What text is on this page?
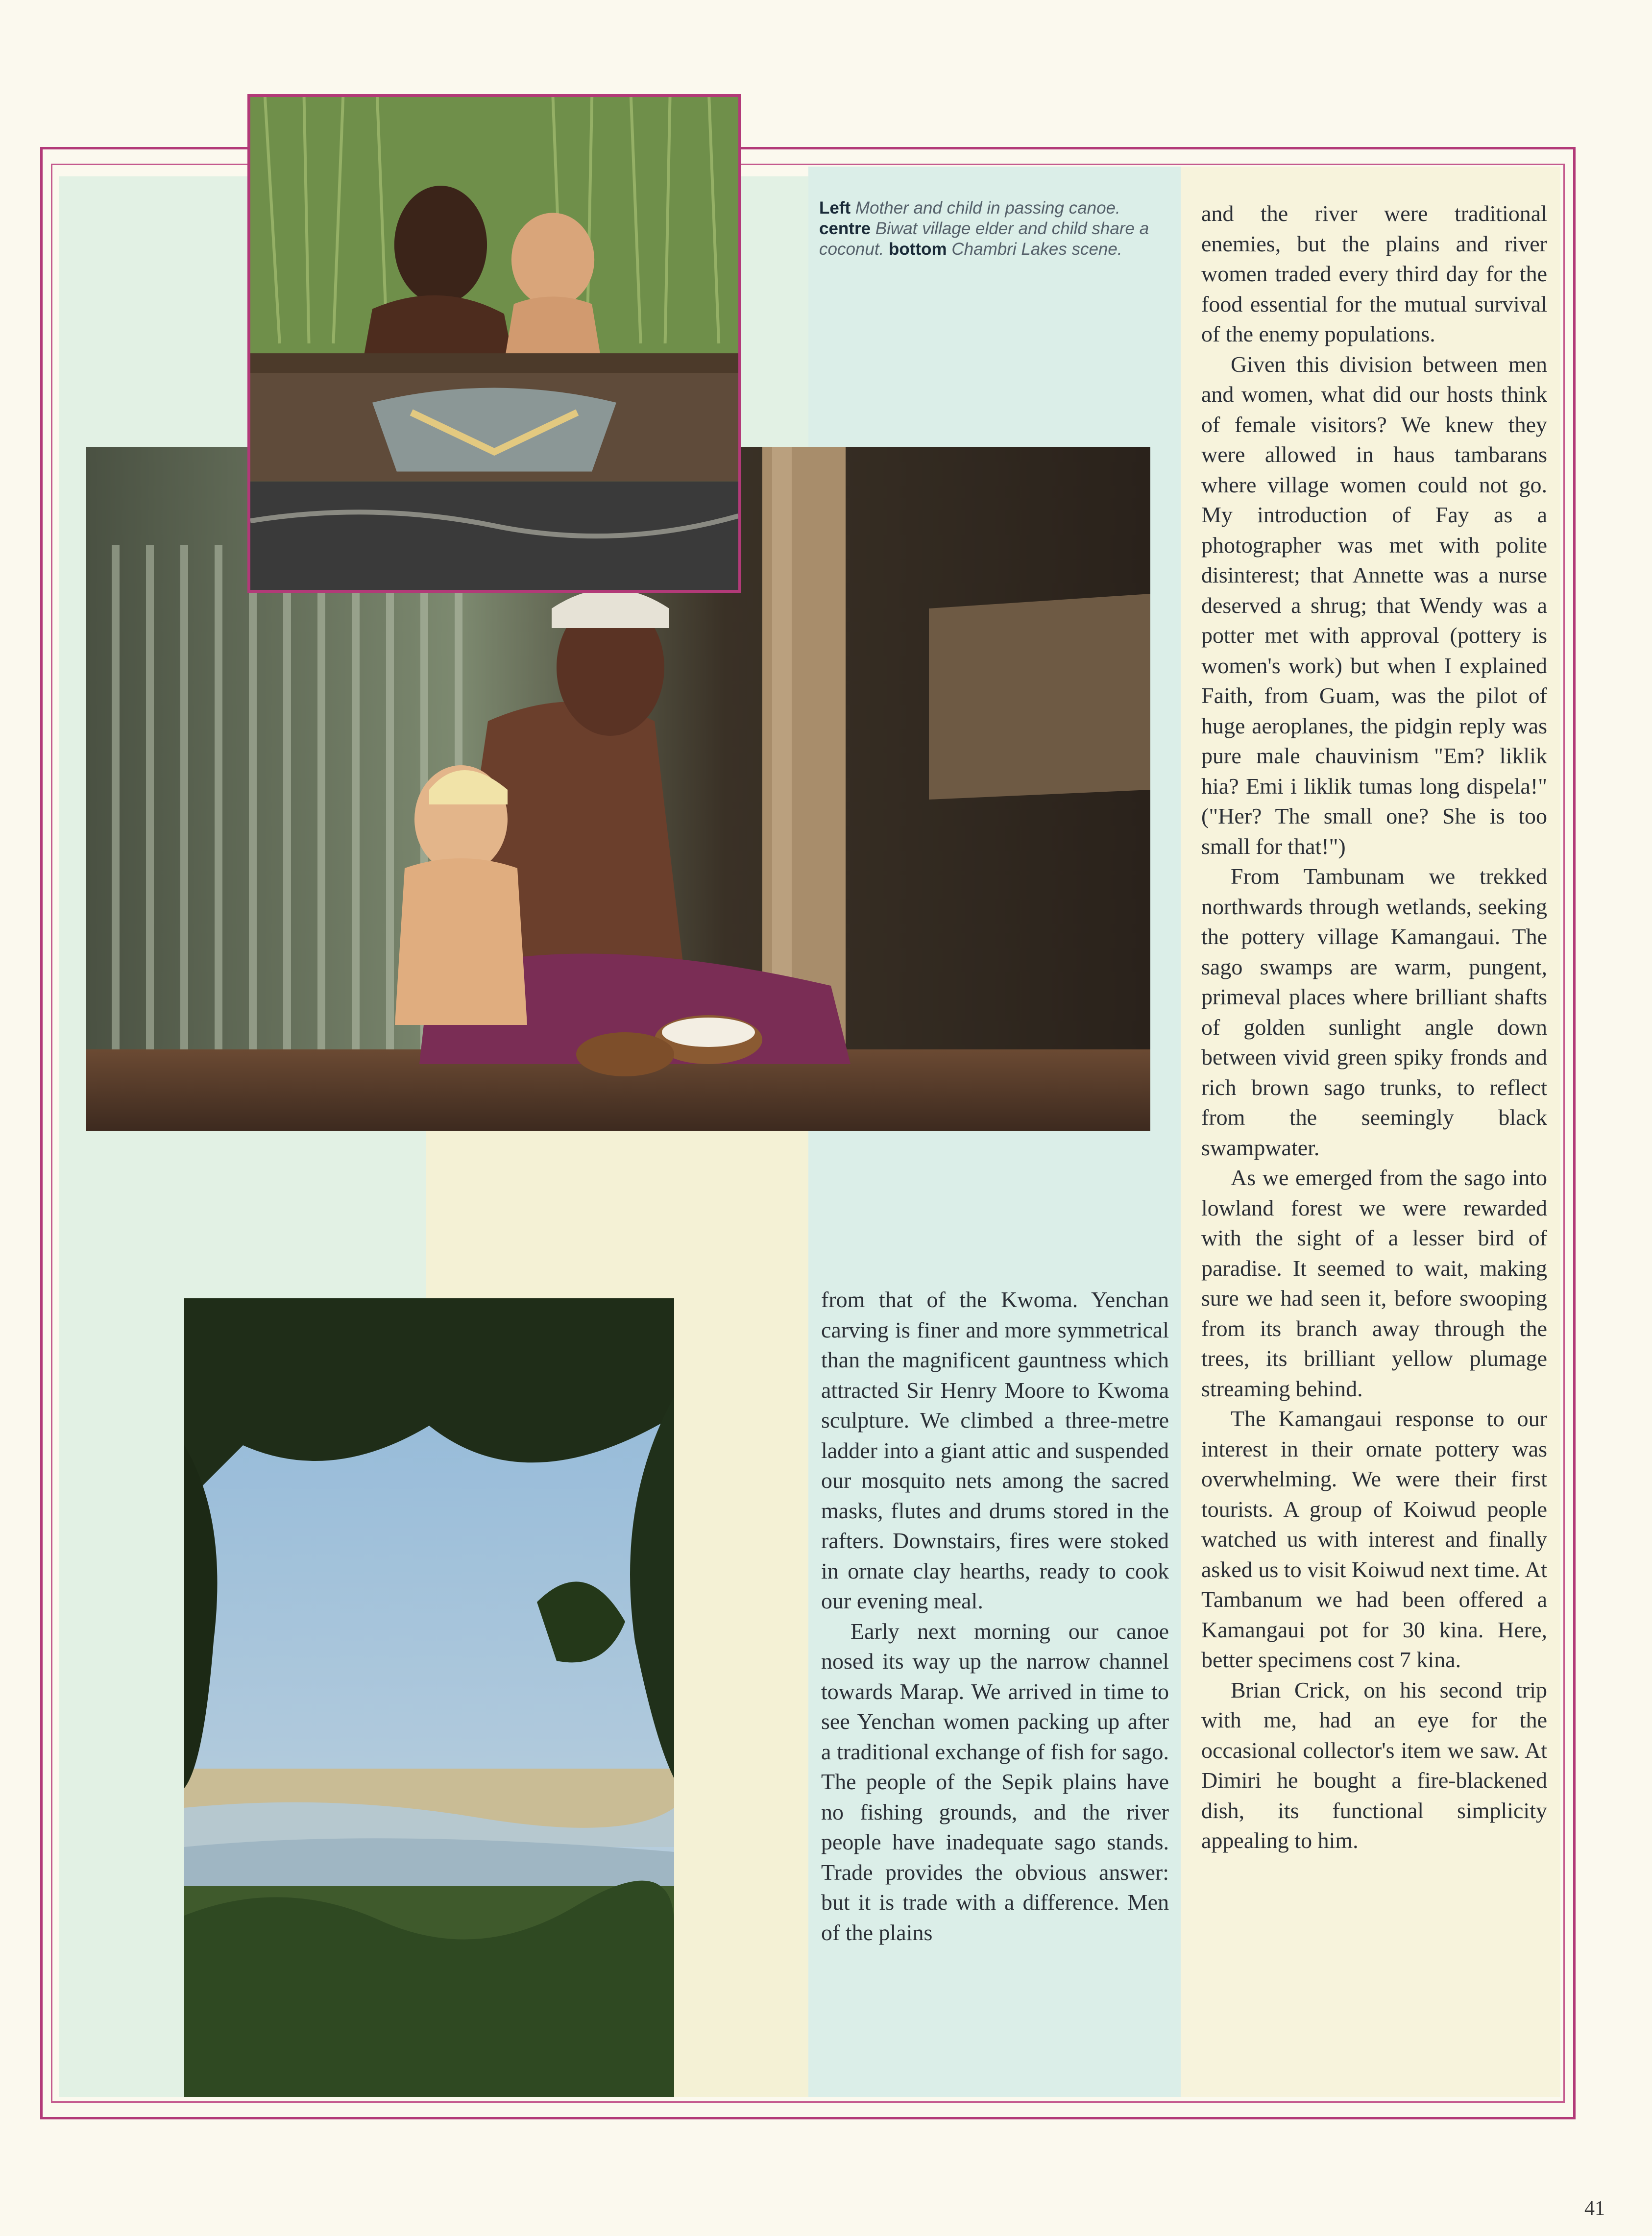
Left Mother and child in passing canoe. centre Biwat village elder and child share a coconut. bottom Chambri Lakes scene.

from that of the Kwoma. Yenchan carving is finer and more symmetrical than the magnificent gauntness which attracted Sir Henry Moore to Kwoma sculpture. We climbed a three-metre ladder into a giant attic and suspended our mosquito nets among the sacred masks, flutes and drums stored in the rafters. Downstairs, fires were stoked in ornate clay hearths, ready to cook our evening meal.

Early next morning our canoe nosed its way up the narrow channel towards Marap. We arrived in time to see Yenchan women packing up after a traditional exchange of fish for sago. The people of the Sepik plains have no fishing grounds, and the river people have inadequate sago stands. Trade provides the obvious answer: but it is trade with a difference. Men of the plains

and the river were traditional enemies, but the plains and river women traded every third day for the food essential for the mutual survival of the enemy populations.

Given this division between men and women, what did our hosts think of female visitors? We knew they were allowed in haus tambarans where village women could not go. My introduction of Fay as a photographer was met with polite disinterest; that Annette was a nurse deserved a shrug; that Wendy was a potter met with approval (pottery is women's work) but when I explained Faith, from Guam, was the pilot of huge aeroplanes, the pidgin reply was pure male chauvinism "Em? liklik hia? Emi i liklik tumas long dispela!" ("Her? The small one? She is too small for that!")

From Tambunam we trekked northwards through wetlands, seeking the pottery village Kamangaui. The sago swamps are warm, pungent, primeval places where brilliant shafts of golden sunlight angle down between vivid green spiky fronds and rich brown sago trunks, to reflect from the seemingly black swampwater.

As we emerged from the sago into lowland forest we were rewarded with the sight of a lesser bird of paradise. It seemed to wait, making sure we had seen it, before swooping from its branch away through the trees, its brilliant yellow plumage streaming behind.

The Kamangaui response to our interest in their ornate pottery was overwhelming. We were their first tourists. A group of Koiwud people watched us with interest and finally asked us to visit Koiwud next time. At Tambanum we had been offered a Kamangaui pot for 30 kina. Here, better specimens cost 7 kina.

Brian Crick, on his second trip with me, had an eye for the occasional collector's item we saw. At Dimiri he bought a fire-blackened dish, its functional simplicity appealing to him.

41
